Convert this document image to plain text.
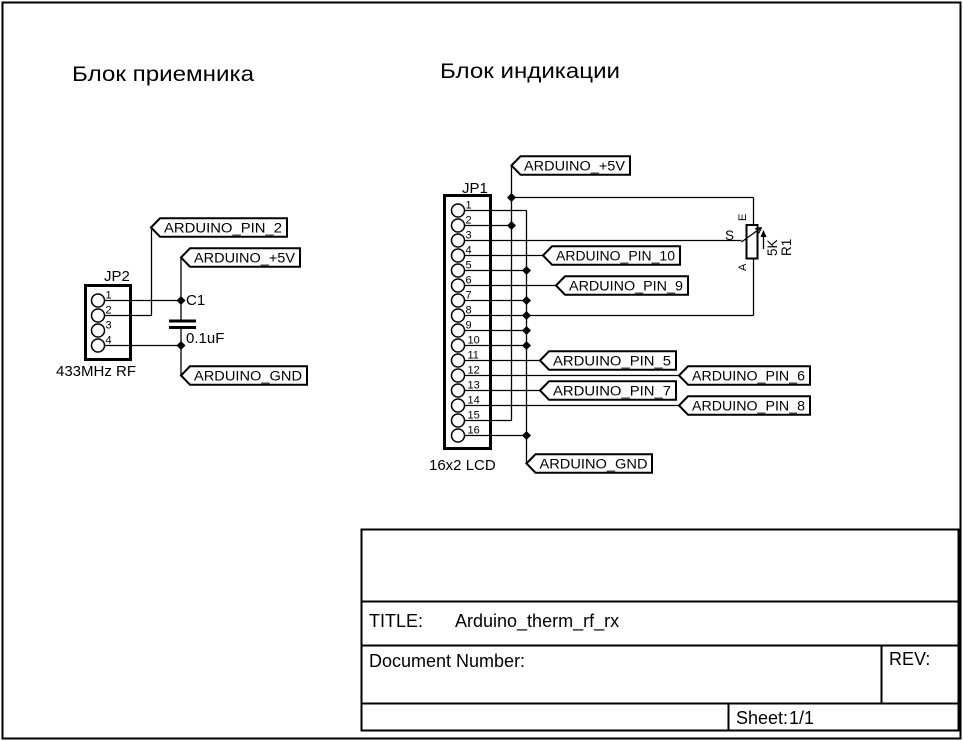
Блок приемника	Блок индикации
JP2
1
2
3
4
433MHz RF
C1
0.1uF
ARDUINO_PIN_2
ARDUINO_+5V
ARDUINO_GND
JP1
1
2
3
4
5
6
7
8
9
10
11
12
13
14
15
16
16x2 LCD
E
S
A
5K R1
ARDUINO_+5V
ARDUINO_PIN_10
ARDUINO_PIN_9
ARDUINO_PIN_5
ARDUINO_PIN_6
ARDUINO_PIN_7
ARDUINO_PIN_8
ARDUINO_GND
TITLE: Arduino_therm_rf_rx
Document Number:	REV:
Sheet: 1/1
